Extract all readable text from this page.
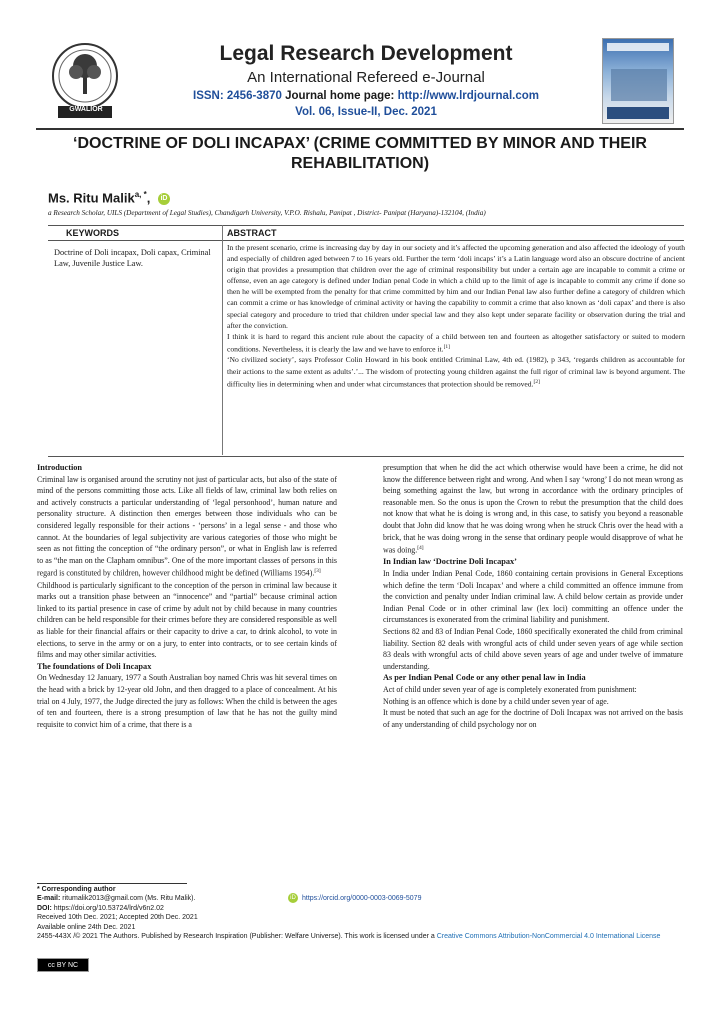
GWALIOR
Legal Research Development
An International Refereed e-Journal
ISSN: 2456-3870 Journal home page: http://www.lrdjournal.com
Vol. 06, Issue-II, Dec. 2021
‘DOCTRINE OF DOLI INCAPAX’ (CRIME COMMITTED BY MINOR AND THEIR REHABILITATION)
Ms. Ritu Malik$^{a, *}$, iD
a Research Scholar, UILS (Department of Legal Studies), Chandigarh University, V.P.O. Rishalu, Panipat , District- Panipat (Haryana)-132104, (India)
KEYWORDS	ABSTRACT
Doctrine of Doli incapax, Doli capax, Criminal Law, Juvenile Justice Law.

In the present scenario, crime is increasing day by day in our society and it’s affected the upcoming generation and also affected the ideology of youth and especially of children aged between 7 to 16 years old. Further the term ‘doli incaps’ it’s a Latin language word also an obscure doctrine of ancient origin that provides a presumption that children over the age of criminal responsibility but under a certain age are incapable to commit a crime or offense, even an age category is defined under Indian penal Code in which a child up to the limit of age is incapable to commit any crime if done so then he will be exempted from the penalty for that crime committed by him and our Indian Penal law also further define a category of children which can commit a crime or has knowledge of criminal activity or having the capability to commit a crime that also known as ‘doli capax’ and there is also special category and procedure to tried that children under special law and they also kept under separate facility or observation during the trial and after the conviction.

I think it is hard to regard this ancient rule about the capacity of a child between ten and fourteen as altogether satisfactory or suited to modern conditions. Nevertheless, it is clearly the law and we have to enforce it.[1]

‘No civilized society’, says Professor Colin Howard in his book entitled Criminal Law, 4th ed. (1982), p 343, ‘regards children as accountable for their actions to the same extent as adults’.’... The wisdom of protecting young children against the full rigor of criminal law is beyond argument. The difficulty lies in determining when and under what circumstances that protection should be removed.[2]

Introduction

Criminal law is organised around the scrutiny not just of particular acts, but also of the state of mind of the persons committing those acts. Like all fields of law, criminal law both relies on and actively constructs a particular understanding of ‘legal personhood’, human nature and personality structure. A distinction then emerges between those individuals who can be considered legally responsible for their actions - ‘persons’ in a legal sense - and those who cannot. At the boundaries of legal subjectivity are various categories of those who might be seen as not fitting the conception of “the ordinary person”, or what in English law is referred to as “the man on the Clapham omnibus”. One of the more important classes of persons in this regard is constituted by children, however childhood might be defined (Williams 1954).[3]

Childhood is particularly significant to the conception of the person in criminal law because it marks out a transition phase between an “innocence” and “partial” because criminal action linked to its partial presence in case of crime by adult not by child because in many countries children can be held responsible for their crimes before they are considered responsible as well as liable for their financial affairs or their capacity to drive a car, to drink alcohol, to vote in elections, to serve in the army or on a jury, to enter into contracts, or to see certain kinds of films and may other similar activities.

The foundations of Doli Incapax

On Wednesday 12 January, 1977 a South Australian boy named Chris was hit several times on the head with a brick by 12-year old John, and then dragged to a place of concealment. At his trial on 4 July, 1977, the Judge directed the jury as follows: When the child is between the ages of ten and fourteen, there is a strong presumption of law that he has not the guilty mind requisite to convict him of a crime, that there is a

presumption that when he did the act which otherwise would have been a crime, he did not know the difference between right and wrong. And when I say ‘wrong’ I do not mean wrong as being something against the law, but wrong in accordance with the ordinary principles of reasonable men. So the onus is upon the Crown to rebut the presumption that the child does not know that what he is doing is wrong and, in this case, to satisfy you beyond a reasonable doubt that John did know that he was doing wrong when he struck Chris over the head with a brick, that he was doing wrong in the sense that ordinary people would disapprove of what he was doing.[4]

In Indian law ‘Doctrine Doli Incapax’

In India under Indian Penal Code, 1860 containing certain provisions in General Exceptions which define the term ‘Doli Incapax’ and where a child committed an offence immune from the conviction and penalty under Indian criminal law. A child below certain as provide under Indian Penal Code or in other criminal law (lex loci) committing an offence under the circumstances is exonerated from the criminal liability and punishment.

Sections 82 and 83 of Indian Penal Code, 1860 specifically exonerated the child from criminal liability. Section 82 deals with wrongful acts of child under seven years of age while section 83 deals with wrongful acts of child above seven years of age and under twelve of immature understanding.

As per Indian Penal Code or any other penal law in India

Act of child under seven year of age is completely exonerated from punishment:

Nothing is an offence which is done by a child under seven year of age.

It must be noted that such an age for the doctrine of Doli Incapax was not arrived on the basis of any understanding of child psychology nor on

* Corresponding author
E-mail: ritumalik2013@gmail.com (Ms. Ritu Malik).
DOI: https://doi.org/10.53724/lrd/v6n2.02
Received 10th Dec. 2021; Accepted 20th Dec. 2021
Available online 24th Dec. 2021
2455-443X /© 2021 The Authors. Published by Research Inspiration (Publisher: Welfare Universe). This work is licensed under a Creative Commons Attribution-NonCommercial 4.0 International License
iD https://orcid.org/0000-0003-0069-5079
cc BY NC
